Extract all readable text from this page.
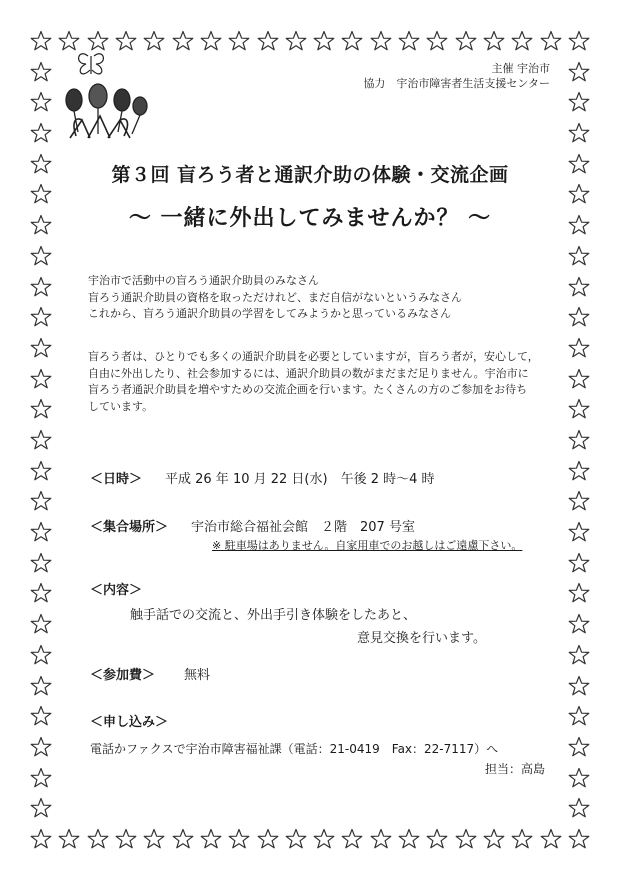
主催 宇治市
協力　宇治市障害者生活支援センター
第３回 盲ろう者と通訳介助の体験・交流企画
～ 一緒に外出してみませんか？ ～
宇治市で活動中の盲ろう通訳介助員のみなさん
盲ろう通訳介助員の資格を取っただけれど、まだ自信がないというみなさん
これから、盲ろう通訳介助員の学習をしてみようかと思っているみなさん
盲ろう者は、ひとりでも多くの通訳介助員を必要としていますが，盲ろう者が，安心して，
自由に外出したり、社会参加するには、通訳介助員の数がまだまだ足りません。宇治市に
盲ろう者通訳介助員を増やすための交流企画を行います。たくさんの方のご参加をお待ち
しています。
＜日時＞ 平成 26 年 10 月 22 日(水)　午後 2 時～4 時
＜集合場所＞ 宇治市総合福祉会館　２階　207 号室
※ 駐車場はありません。自家用車でのお越しはご遠慮下さい。
＜内容＞
触手話での交流と、外出手引き体験をしたあと、
意見交換を行います。
＜参加費＞ 無料
＜申し込み＞
電話かファクスで宇治市障害福祉課（電話：21-0419　Fax：22-7117）へ
担当：高島
